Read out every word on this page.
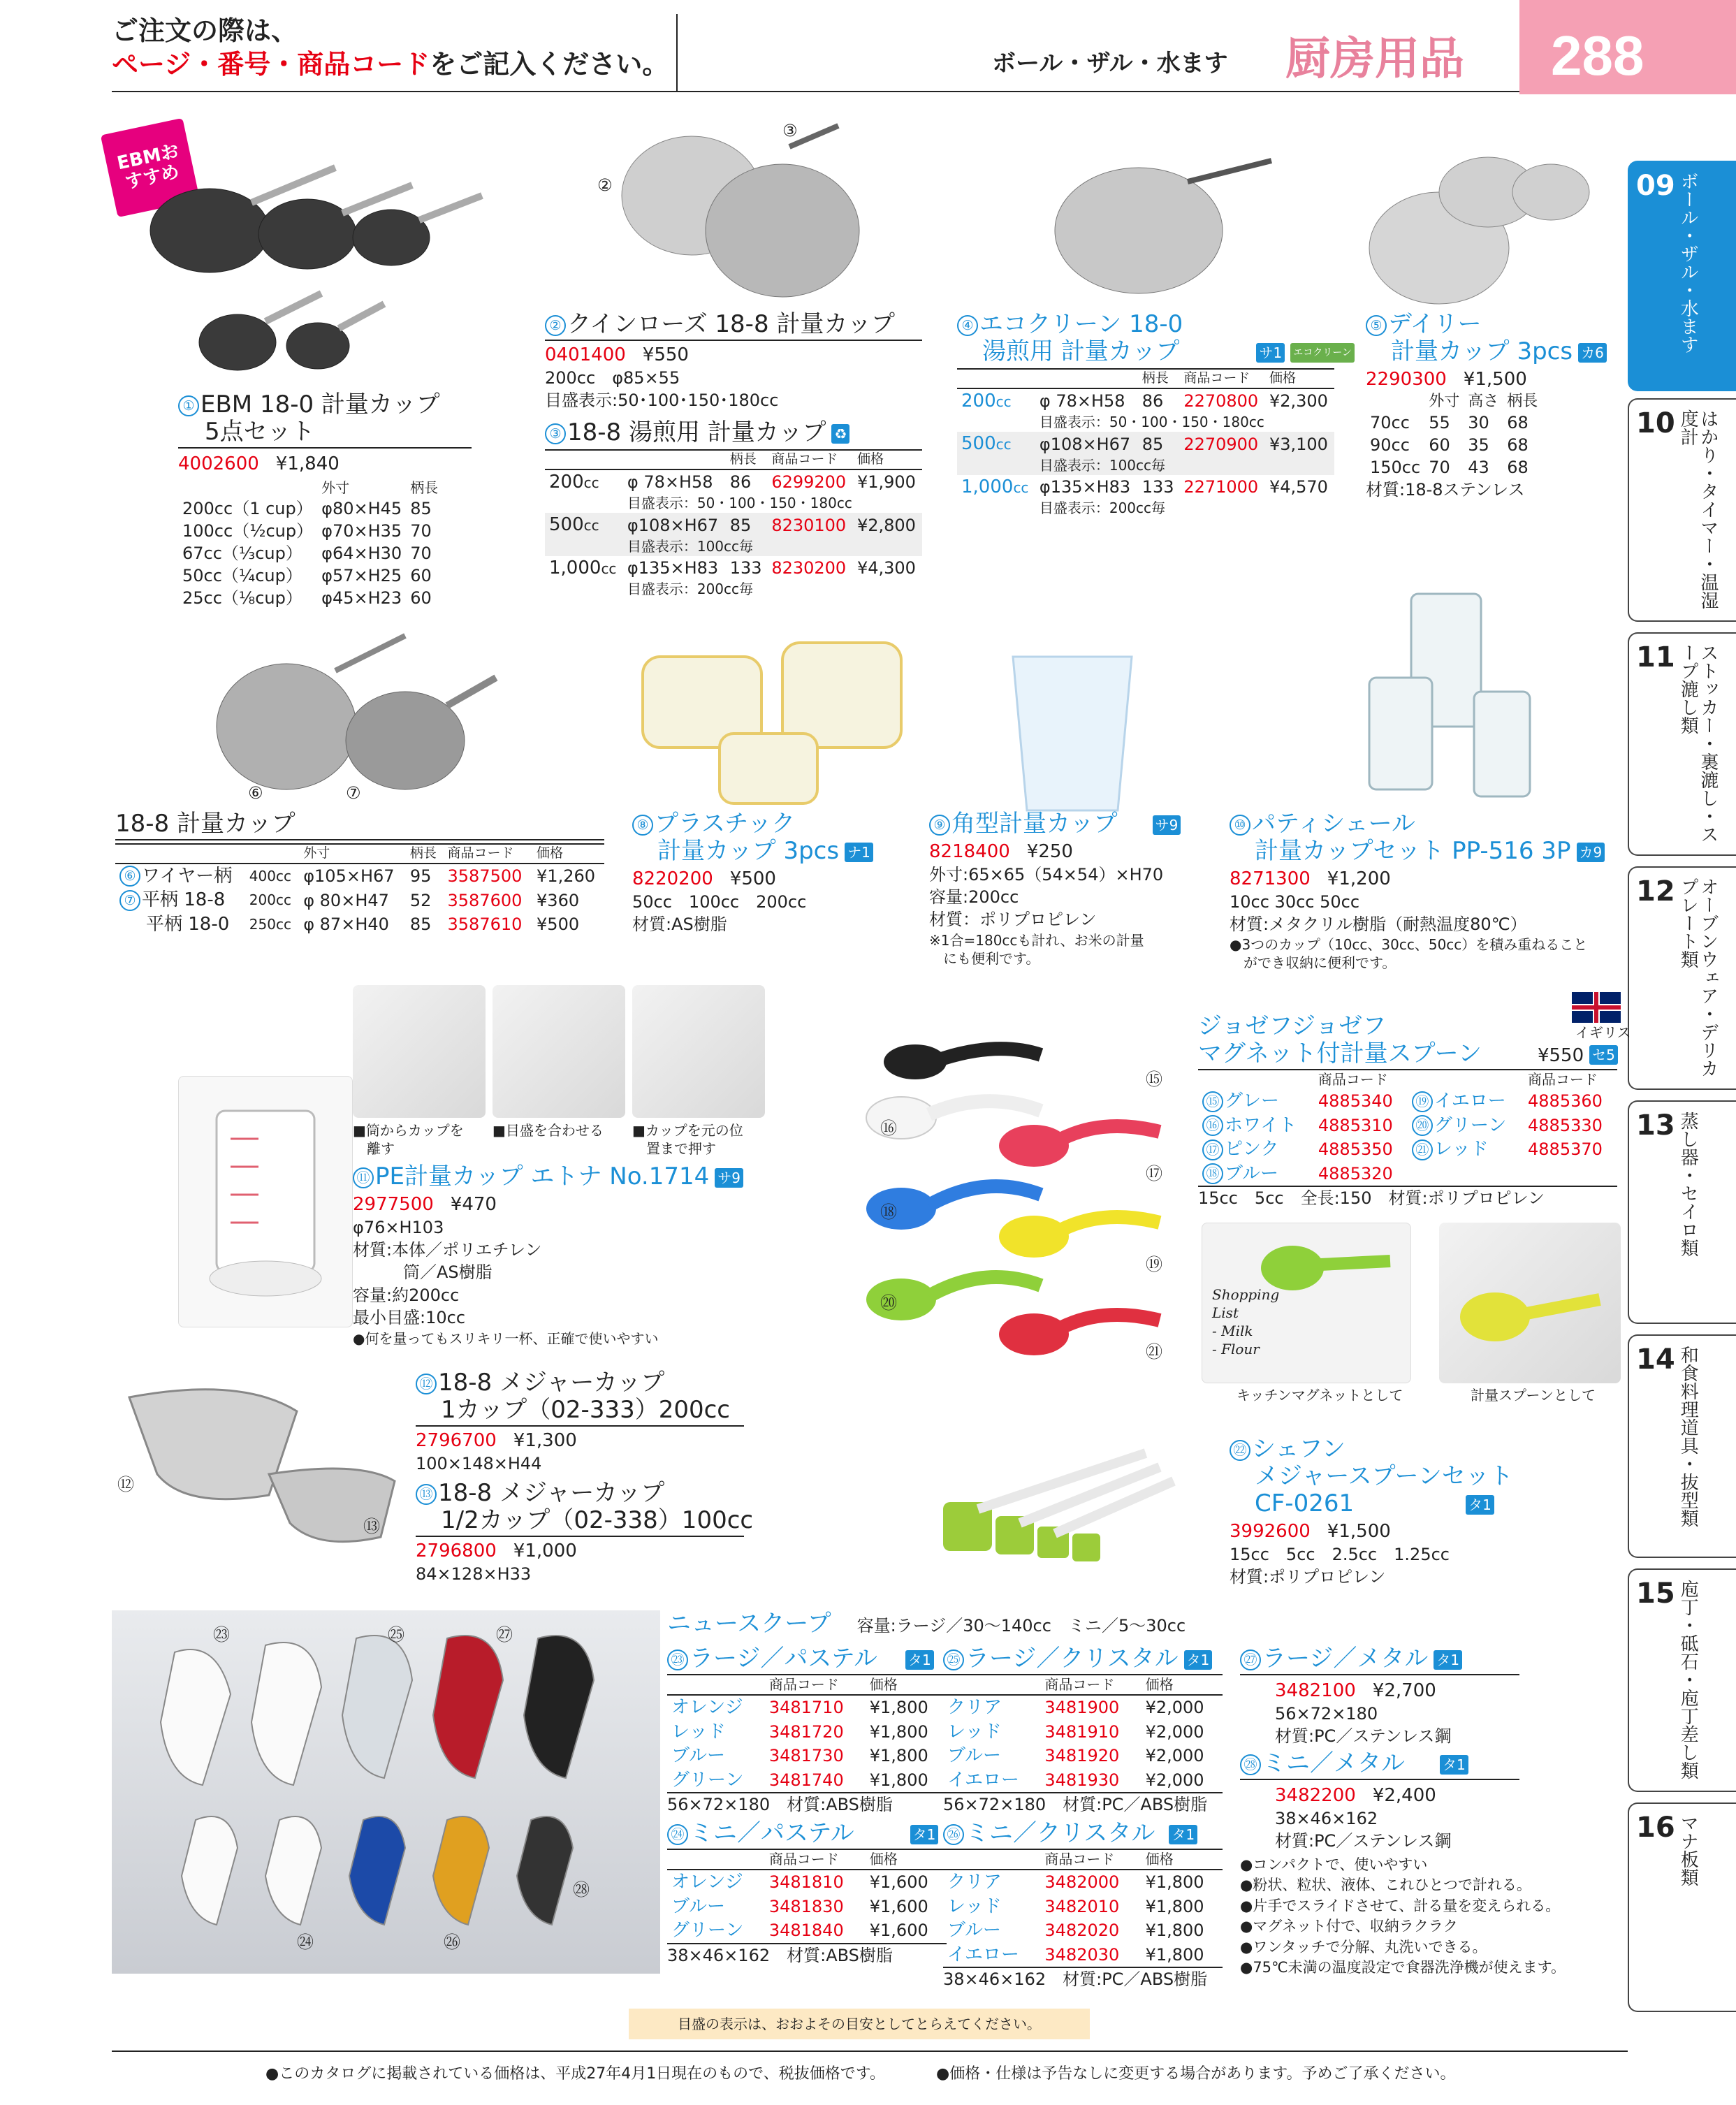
ご注文の際は、
ページ・番号・商品コードをご記入ください。	ボール・ザル・水ます 厨房用品 288
09 ボール・ザル・水ます
10	はかり・タイマー・温湿度計
11	ストッカー・裏漉し・スープ漉し類
12	オーブンウェア・デリカプレート類
13 蒸し器・セイロ類
14 和食料理道具・抜型類
15 庖丁・砥石・庖丁差し類
16 マナ板類
EBMおすすめ
① EBM 18-0 計量カップ
5点セット
4002600 ¥1,840
	外寸	柄長
200cc（1 cup）	φ80×H45	85
100cc（½cup）	φ70×H35	70
67cc（⅓cup）	φ64×H30	70
50cc（¼cup）	φ57×H25	60
25cc（⅛cup）	φ45×H23	60
②
③
② クインローズ 18-8 計量カップ
0401400 ¥550
200cc　φ85×55
目盛表示:50･100･150･180cc
③ 18-8 湯煎用 計量カップ ♻
		柄長	商品コード	価格
200cc	φ 78×H58	86	6299200	¥1,900
	目盛表示：50・100・150・180cc			
500cc	φ108×H67	85	8230100	¥2,800
	目盛表示：100cc毎			
1,000cc	φ135×H83	133	8230200	¥4,300
	目盛表示：200cc毎			
④ エコクリーン 18-0
湯煎用 計量カップ	サ1 エコクリーン
		柄長	商品コード	価格
200cc	φ 78×H58	86	2270800	¥2,300
	目盛表示：50・100・150・180cc			
500cc	φ108×H67	85	2270900	¥3,100
	目盛表示：100cc毎			
1,000cc	φ135×H83	133	2271000	¥4,570
	目盛表示：200cc毎			
⑤ デイリー
計量カップ 3pcs カ6
2290300 ¥1,500
	外寸	高さ	柄長
70cc	55	30	68
90cc	60	35	68
150cc	70	43	68
材質:18-8ステンレス
⑥	⑦
18-8 計量カップ
		外寸	柄長	商品コード	価格
⑥ ワイヤー柄	400cc	φ105×H67	95	3587500	¥1,260
⑦ 平柄 18-8	200cc	φ 80×H47	52	3587600	¥360
平柄 18-0	250cc	φ 87×H40	85	3587610	¥500
⑧ プラスチック
計量カップ 3pcs ナ1
8220200 ¥500
50cc　100cc　200cc
材質:AS樹脂
⑨ 角型計量カップ	サ9
8218400 ¥250
外寸:65×65（54×54）×H70
容量:200cc
材質：ポリプロピレン
※1合=180ccも計れ、お米の計量
　にも便利です。
⑩ パティシェール
計量カップセット PP-516 3P カ9
8271300 ¥1,200
10cc 30cc 50cc
材質:メタクリル樹脂（耐熱温度80℃）
●3つのカップ（10cc、30cc、50cc）を積み重ねること
　ができ収納に便利です。
■筒からカップを
　離す
■目盛を合わせる	■カップを元の位
　置まで押す
⑪ PE計量カップ エトナ No.1714 サ9
2977500 ¥470
φ76×H103
材質:本体／ポリエチレン
　　　筒／AS樹脂
容量:約200cc
最小目盛:10cc
●何を量ってもスリキリ一杯、正確で使いやすい
⑫
⑬
⑫ 18-8 メジャーカップ
1カップ（02-333）200cc
2796700 ¥1,300
100×148×H44
⑬ 18-8 メジャーカップ
1/2カップ（02-338）100cc
2796800 ¥1,000
84×128×H33
⑮
⑯
⑰
⑱
⑲
⑳
㉑
イギリス
ジョゼフジョゼフ
マグネット付計量スプーン	¥550 セ5
	商品コード		商品コード
⑮ グレー	4885340	⑲ イエロー	4885360
⑯ ホワイト	4885310	⑳ グリーン	4885330
⑰ ピンク	4885350	㉑ レッド	4885370
⑱ ブルー	4885320		
15cc　5cc　全長:150　材質:ポリプロピレン
Shopping List
- Milk
- Flour
キッチンマグネットとして	計量スプーンとして
㉒ シェフン
メジャースプーンセット
CF-0261	タ1
3992600 ¥1,500
15cc　5cc　2.5cc　1.25cc
材質:ポリプロピレン
㉓	㉕	㉗
㉘
㉔	㉖
ニュースクープ 容量:ラージ／30～140cc　ミニ／5～30cc
㉓ ラージ／パステル タ1
	商品コード	価格
オレンジ	3481710	¥1,800
レッド	3481720	¥1,800
ブルー	3481730	¥1,800
グリーン	3481740	¥1,800
56×72×180　材質:ABS樹脂
㉔ ミニ／パステル	タ1
	商品コード	価格
オレンジ	3481810	¥1,600
ブルー	3481830	¥1,600
グリーン	3481840	¥1,600
38×46×162　材質:ABS樹脂
㉕ ラージ／クリスタル タ1
	商品コード	価格
クリア	3481900	¥2,000
レッド	3481910	¥2,000
ブルー	3481920	¥2,000
イエロー	3481930	¥2,000
56×72×180　材質:PC／ABS樹脂
㉖ ミニ／クリスタル タ1
	商品コード	価格
クリア	3482000	¥1,800
レッド	3482010	¥1,800
ブルー	3482020	¥1,800
イエロー	3482030	¥1,800
38×46×162　材質:PC／ABS樹脂
㉗ ラージ／メタル タ1
3482100 ¥2,700
56×72×180
材質:PC／ステンレス鋼
㉘ ミニ／メタル	タ1
3482200 ¥2,400
38×46×162
材質:PC／ステンレス鋼
●コンパクトで、使いやすい
●粉状、粒状、液体、これひとつで計れる。
●片手でスライドさせて、計る量を変えられる。
●マグネット付で、収納ラクラク
●ワンタッチで分解、丸洗いできる。
●75℃未満の温度設定で食器洗浄機が使えます。
目盛の表示は、おおよその目安としてとらえてください。
●このカタログに掲載されている価格は、平成27年4月1日現在のもので、税抜価格です。	●価格・仕様は予告なしに変更する場合があります。予めご了承ください。
